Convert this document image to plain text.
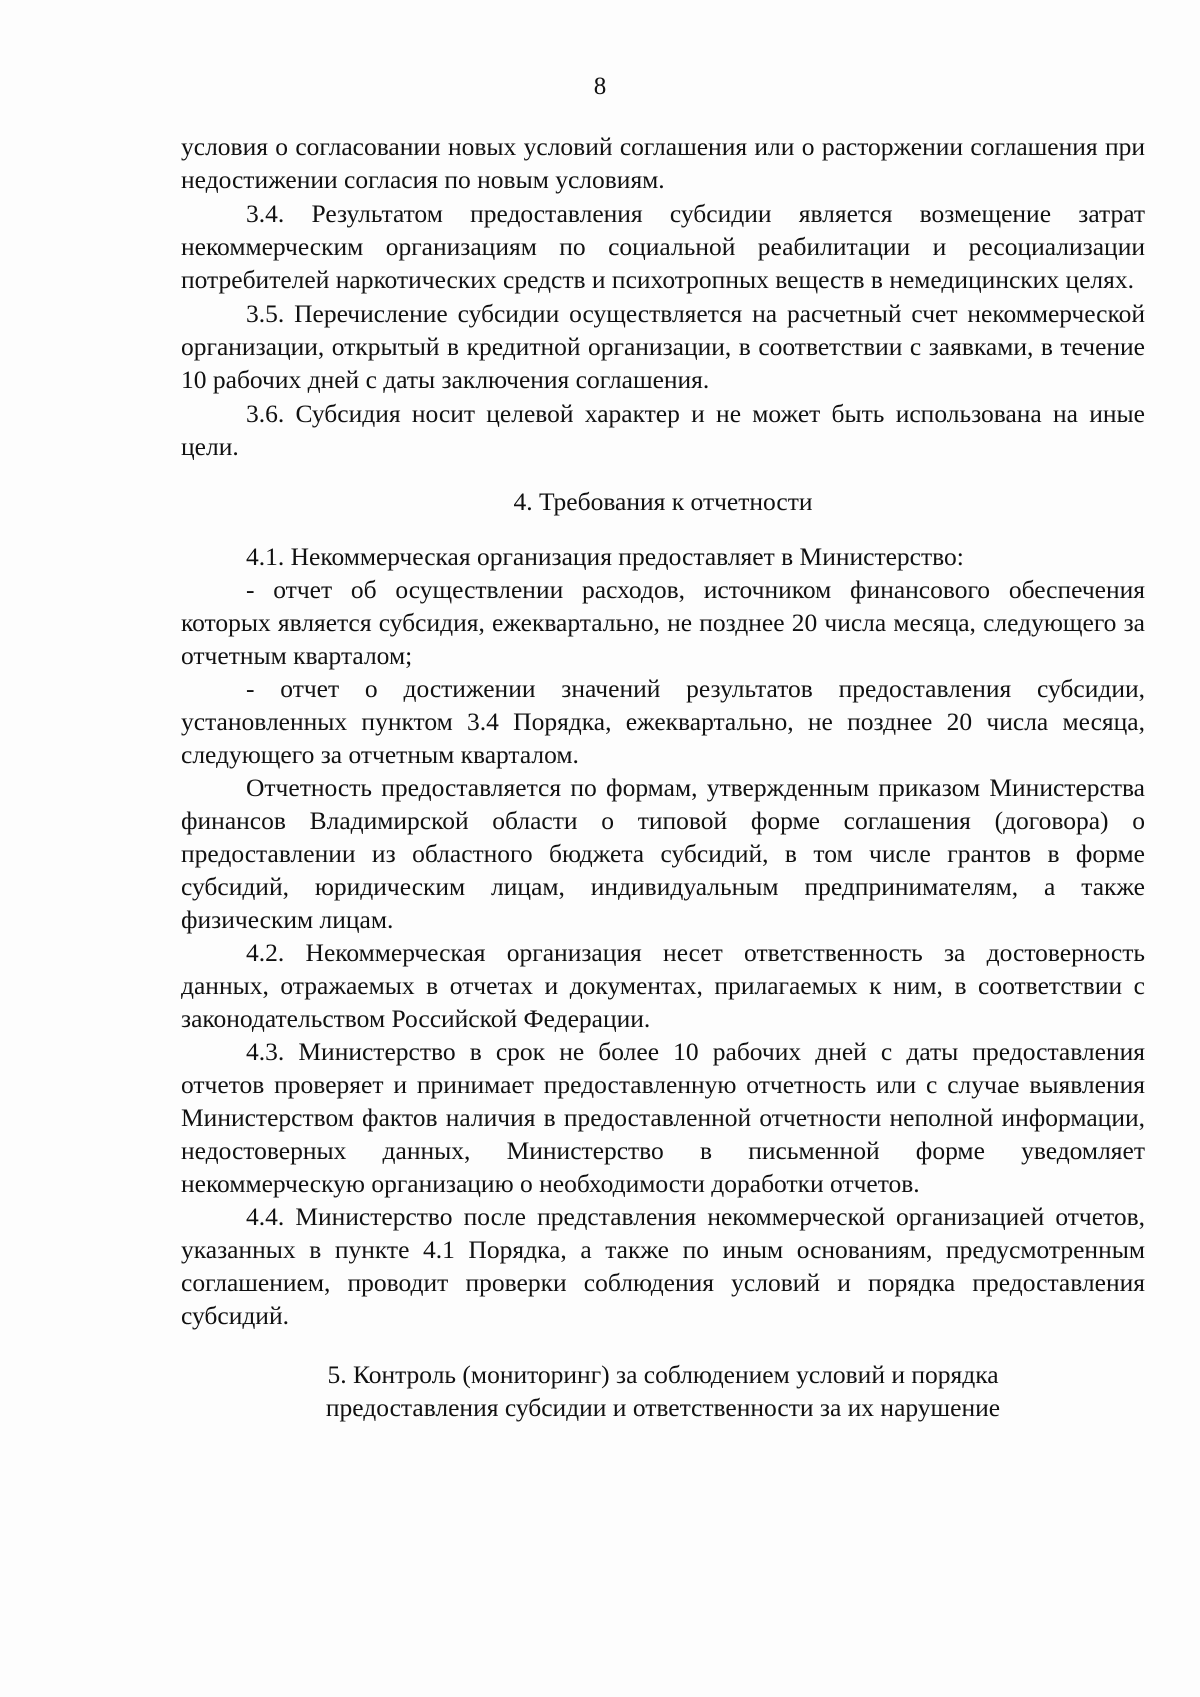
8

условия о согласовании новых условий соглашения или о расторжении соглашения при недостижении согласия по новым условиям.

3.4. Результатом предоставления субсидии является возмещение затрат некоммерческим организациям по социальной реабилитации и ресоциализации потребителей наркотических средств и психотропных веществ в немедицинских целях.

3.5. Перечисление субсидии осуществляется на расчетный счет некоммерческой организации, открытый в кредитной организации, в соответствии с заявками, в течение 10 рабочих дней с даты заключения соглашения.

3.6. Субсидия носит целевой характер и не может быть использована на иные цели.

4. Требования к отчетности

4.1. Некоммерческая организация предоставляет в Министерство:

- отчет об осуществлении расходов, источником финансового обеспечения которых является субсидия, ежеквартально, не позднее 20 числа месяца, следующего за отчетным кварталом;

- отчет о достижении значений результатов предоставления субсидии, установленных пунктом 3.4 Порядка, ежеквартально, не позднее 20 числа месяца, следующего за отчетным кварталом.

Отчетность предоставляется по формам, утвержденным приказом Министерства финансов Владимирской области о типовой форме соглашения (договора) о предоставлении из областного бюджета субсидий, в том числе грантов в форме субсидий, юридическим лицам, индивидуальным предпринимателям, а также физическим лицам.

4.2. Некоммерческая организация несет ответственность за достоверность данных, отражаемых в отчетах и документах, прилагаемых к ним, в соответствии с законодательством Российской Федерации.

4.3. Министерство в срок не более 10 рабочих дней с даты предоставления отчетов проверяет и принимает предоставленную отчетность или с случае выявления Министерством фактов наличия в предоставленной отчетности неполной информации, недостоверных данных, Министерство в письменной форме уведомляет некоммерческую организацию о необходимости доработки отчетов.

4.4. Министерство после представления некоммерческой организацией отчетов, указанных в пункте 4.1 Порядка, а также по иным основаниям, предусмотренным соглашением, проводит проверки соблюдения условий и порядка предоставления субсидий.

5. Контроль (мониторинг) за соблюдением условий и порядка
предоставления субсидии и ответственности за их нарушение
